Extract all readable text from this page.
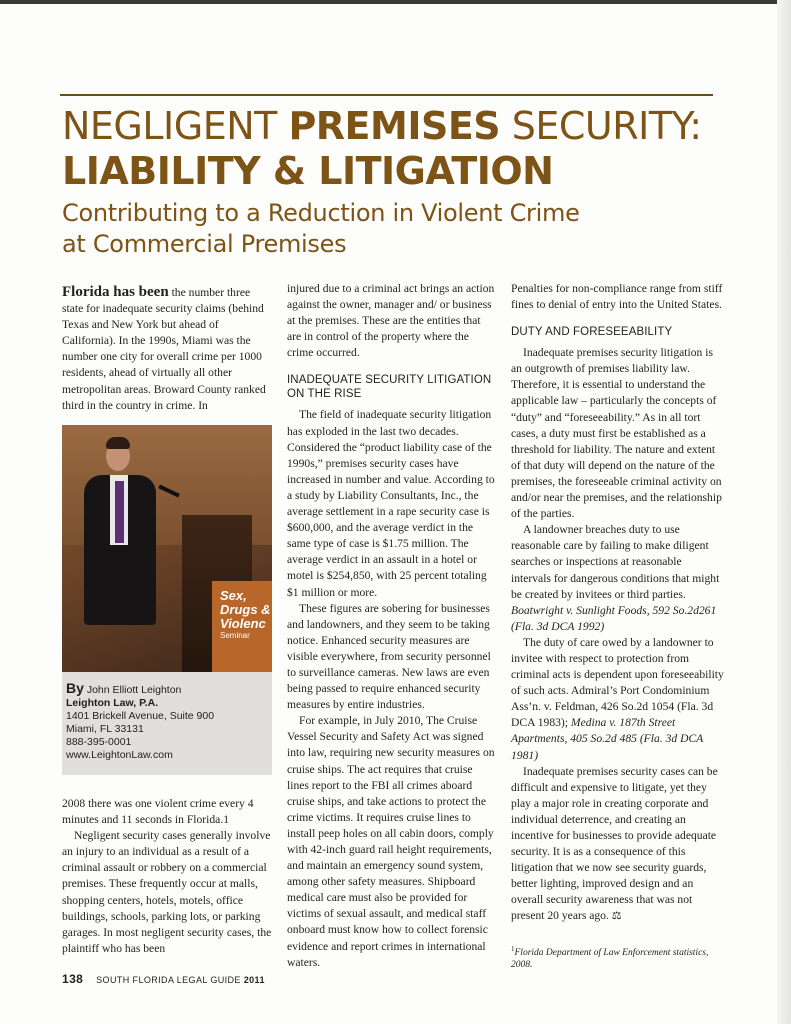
NEGLIGENT PREMISES SECURITY:
LIABILITY & LITIGATION
Contributing to a Reduction in Violent Crime
at Commercial Premises

Florida has been the number three state for inadequate security claims (behind Texas and New York but ahead of California). In the 1990s, Miami was the number one city for overall crime per 1000 residents, ahead of virtually all other metropolitan areas. Broward County ranked third in the country in crime. In

Sex,
Drugs &
Violenc
Seminar
By John Elliott Leighton
Leighton Law, P.A.
1401 Brickell Avenue, Suite 900
Miami, FL 33131
888-395-0001
www.LeightonLaw.com

2008 there was one violent crime every 4 minutes and 11 seconds in Florida.1

Negligent security cases generally involve an injury to an individual as a result of a criminal assault or robbery on a commercial premises. These frequently occur at malls, shopping centers, hotels, motels, office buildings, schools, parking lots, or parking garages. In most negligent security cases, the plaintiff who has been

injured due to a criminal act brings an action against the owner, manager and/ or business at the premises. These are the entities that are in control of the property where the crime occurred.

INADEQUATE SECURITY LITIGATION ON THE RISE

The field of inadequate security litigation has exploded in the last two decades. Considered the “product liability case of the 1990s,” premises security cases have increased in number and value. According to a study by Liability Consultants, Inc., the average settlement in a rape security case is $600,000, and the average verdict in the same type of case is $1.75 million. The average verdict in an assault in a hotel or motel is $254,850, with 25 percent totaling $1 million or more.

These figures are sobering for businesses and landowners, and they seem to be taking notice. Enhanced security measures are visible everywhere, from security personnel to surveillance cameras. New laws are even being passed to require enhanced security measures by entire industries.

For example, in July 2010, The Cruise Vessel Security and Safety Act was signed into law, requiring new security measures on cruise ships. The act requires that cruise lines report to the FBI all crimes aboard cruise ships, and take actions to protect the crime victims. It requires cruise lines to install peep holes on all cabin doors, comply with 42-inch guard rail height requirements, and maintain an emergency sound system, among other safety measures. Shipboard medical care must also be provided for victims of sexual assault, and medical staff onboard must know how to collect forensic evidence and report crimes in international waters.

Penalties for non-compliance range from stiff fines to denial of entry into the United States.

DUTY AND FORESEEABILITY

Inadequate premises security litigation is an outgrowth of premises liability law. Therefore, it is essential to understand the applicable law – particularly the concepts of “duty” and “foreseeability.” As in all tort cases, a duty must first be established as a threshold for liability. The nature and extent of that duty will depend on the nature of the premises, the foreseeable criminal activity on and/or near the premises, and the relationship of the parties.

A landowner breaches duty to use reasonable care by failing to make diligent searches or inspections at reasonable intervals for dangerous conditions that might be created by invitees or third parties. Boatwright v. Sunlight Foods, 592 So.2d261 (Fla. 3d DCA 1992)

The duty of care owed by a landowner to invitee with respect to protection from criminal acts is dependent upon foreseeability of such acts. Admiral’s Port Condominium Ass’n. v. Feldman, 426 So.2d 1054 (Fla. 3d DCA 1983); Medina v. 187th Street Apartments, 405 So.2d 485 (Fla. 3d DCA 1981)

Inadequate premises security cases can be difficult and expensive to litigate, yet they play a major role in creating corporate and individual deterrence, and creating an incentive for businesses to provide adequate security. It is as a consequence of this litigation that we now see security guards, better lighting, improved design and an overall security awareness that was not present 20 years ago. ⚖

$^1$Florida Department of Law Enforcement statistics, 2008.
138 SOUTH FLORIDA LEGAL GUIDE 2011
